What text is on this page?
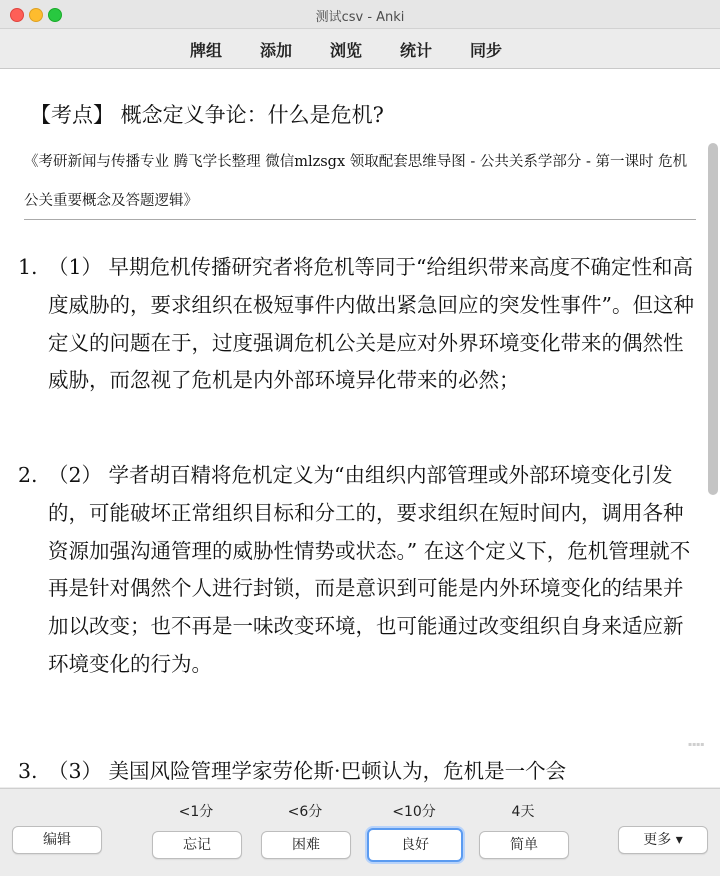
测试csv - Anki
牌组 添加 浏览 统计 同步
【考点】 概念定义争论：什么是危机?
《考研新闻与传播专业 腾飞学长整理 微信mlzsgx 领取配套思维导图 - 公共关系学部分 - 第一课时 危机公关重要概念及答题逻辑》
1. （1） 早期危机传播研究者将危机等同于“给组织带来高度不确定性和高度威胁的，要求组织在极短事件内做出紧急回应的突发性事件”。但这种定义的问题在于，过度强调危机公关是应对外界环境变化带来的偶然性威胁，而忽视了危机是内外部环境异化带来的必然；
2. （2） 学者胡百精将危机定义为“由组织内部管理或外部环境变化引发的，可能破坏正常组织目标和分工的，要求组织在短时间内，调用各种资源加强沟通管理的威胁性情势或状态。” 在这个定义下，危机管理就不再是针对偶然个人进行封锁，而是意识到可能是内外环境变化的结果并加以改变；也不再是一味改变环境，也可能通过改变组织自身来适应新环境变化的行为。
3. （3） 美国风险管理学家劳伦斯·巴顿认为，危机是一个会
▪▪▪▪
编辑
<1分	<6分	<10分	4天
忘记	困难	良好	简单	更多 ▾
